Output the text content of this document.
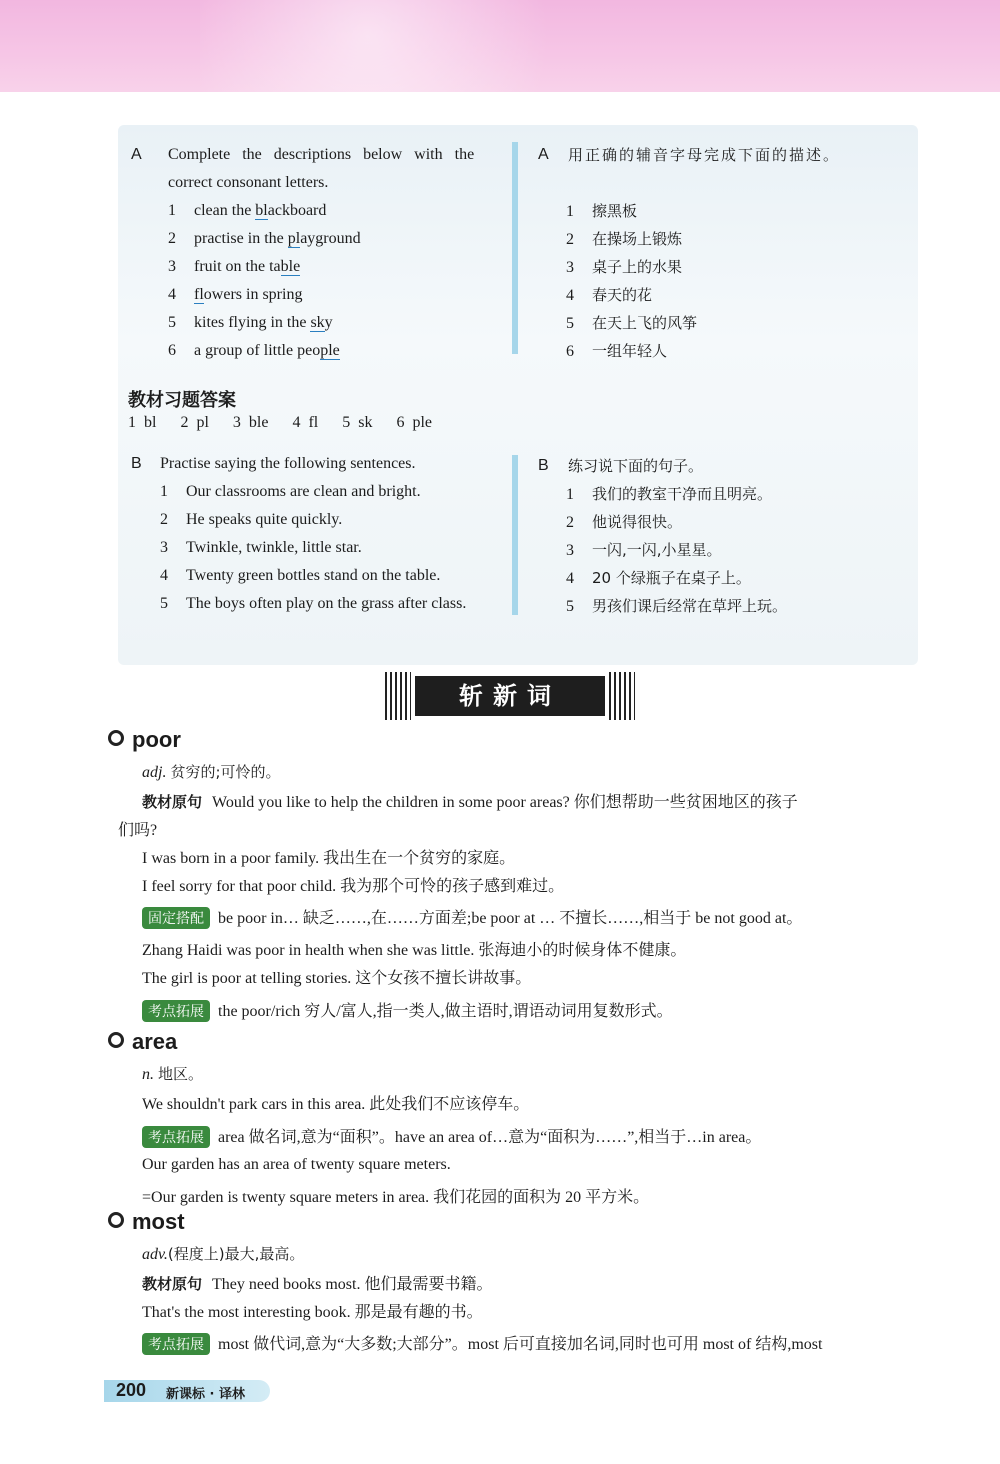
A Complete the descriptions below with the
correct consonant letters.
1 clean the blackboard
2 practise in the playground
3 fruit on the table
4 flowers in spring
5 kites flying in the sky
6 a group of little people
A 用正确的辅音字母完成下面的描述。
1 擦黑板
2 在操场上锻炼
3 桌子上的水果
4 春天的花
5 在天上飞的风筝
6 一组年轻人
教材习题答案
1 bl   2 pl   3 ble   4 fl   5 sk   6 ple
B Practise saying the following sentences.
1 Our classrooms are clean and bright.
2 He speaks quite quickly.
3 Twinkle, twinkle, little star.
4 Twenty green bottles stand on the table.
5 The boys often play on the grass after class.
B 练习说下面的句子。
1 我们的教室干净而且明亮。
2 他说得很快。
3 一闪,一闪,小星星。
4 20 个绿瓶子在桌子上。
5 男孩们课后经常在草坪上玩。
斩新词
poor
adj. 贫穷的;可怜的。
教材原句 Would you like to help the children in some poor areas? 你们想帮助一些贫困地区的孩子
们吗?
I was born in a poor family. 我出生在一个贫穷的家庭。
I feel sorry for that poor child. 我为那个可怜的孩子感到难过。
固定搭配 be poor in… 缺乏……,在……方面差;be poor at … 不擅长……,相当于 be not good at。
Zhang Haidi was poor in health when she was little. 张海迪小的时候身体不健康。
The girl is poor at telling stories. 这个女孩不擅长讲故事。
考点拓展 the poor/rich 穷人/富人,指一类人,做主语时,谓语动词用复数形式。
area
n. 地区。
We shouldn't park cars in this area. 此处我们不应该停车。
考点拓展 area 做名词,意为“面积”。have an area of…意为“面积为……”,相当于…in area。
Our garden has an area of twenty square meters.
=Our garden is twenty square meters in area. 我们花园的面积为 20 平方米。
most
adv.(程度上)最大,最高。
教材原句 They need books most. 他们最需要书籍。
That's the most interesting book. 那是最有趣的书。
考点拓展 most 做代词,意为“大多数;大部分”。most 后可直接加名词,同时也可用 most of 结构,most
200 新课标 · 译林
